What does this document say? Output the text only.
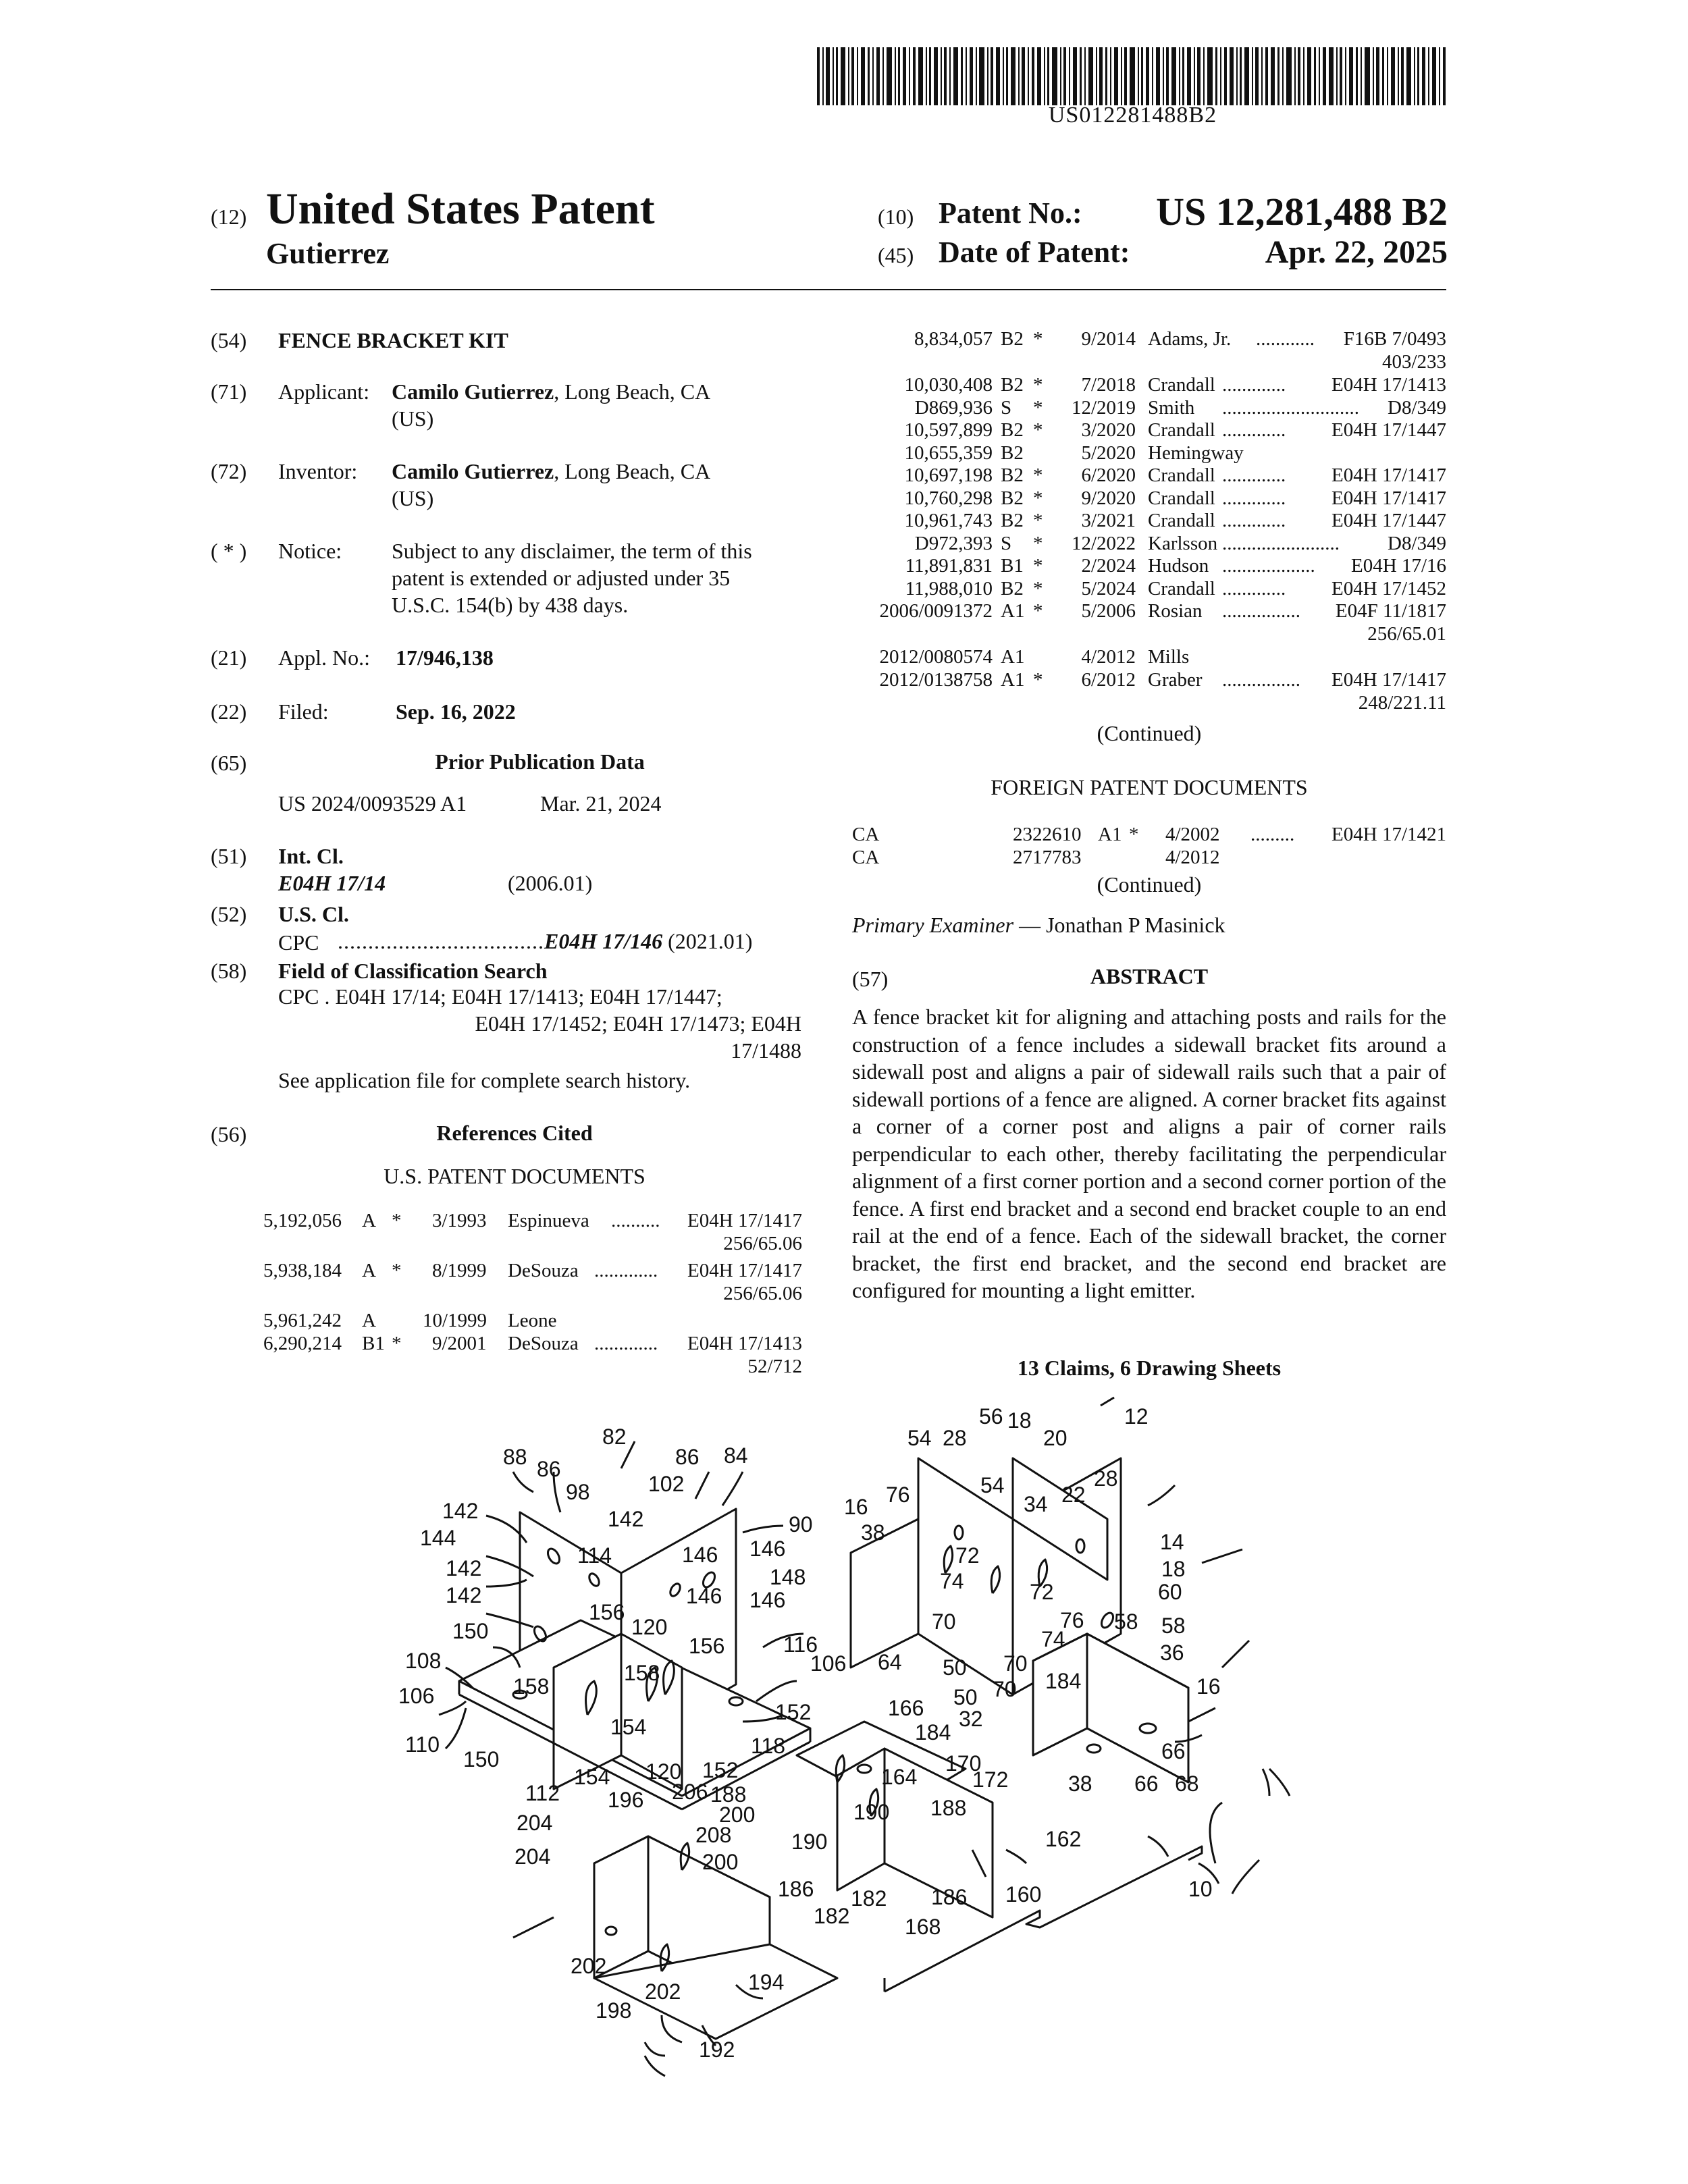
US012281488B2
(12) United States Patent
Gutierrez
(10) Patent No.: US 12,281,488 B2
(45) Date of Patent:	Apr. 22, 2025
(54) FENCE BRACKET KIT
(71) Applicant: Camilo Gutierrez, Long Beach, CA
(US)
(72) Inventor: Camilo Gutierrez, Long Beach, CA
(US)
( * ) Notice: Subject to any disclaimer, the term of this
patent is extended or adjusted under 35
U.S.C. 154(b) by 438 days.
(21) Appl. No.: 17/946,138
(22) Filed:	Sep. 16, 2022
(65)	Prior Publication Data
US 2024/0093529 A1	Mar. 21, 2024
(51) Int. Cl.
E04H 17/14	(2006.01)
(52) U.S. Cl.
CPC .................................. E04H 17/146 (2021.01)
(58) Field of Classification Search
CPC . E04H 17/14; E04H 17/1413; E04H 17/1447;
E04H 17/1452; E04H 17/1473; E04H
17/1488
See application file for complete search history.
(56)	References Cited
U.S. PATENT DOCUMENTS
5,192,056 A * 3/1993 Espinueva .......... E04H 17/1417
256/65.06
5,938,184 A * 8/1999 DeSouza ............. E04H 17/1417
256/65.06
5,961,242 A 10/1999 Leone
6,290,214 B1 * 9/2001 DeSouza ............. E04H 17/1413
52/712
8,834,057 B2 * 9/2014 Adams, Jr. ............ F16B 7/0493
403/233
10,030,408 B2 * 7/2018 Crandall ............. E04H 17/1413
D869,936 S * 12/2019 Smith ............................ D8/349
10,597,899 B2 * 3/2020 Crandall ............. E04H 17/1447
10,655,359 B2	5/2020 Hemingway
10,697,198 B2 * 6/2020 Crandall ............. E04H 17/1417
10,760,298 B2 * 9/2020 Crandall ............. E04H 17/1417
10,961,743 B2 * 3/2021 Crandall ............. E04H 17/1447
D972,393 S * 12/2022 Karlsson ........................ D8/349
11,891,831 B1 * 2/2024 Hudson ................... E04H 17/16
11,988,010 B2 * 5/2024 Crandall ............. E04H 17/1452
2006/0091372 A1 * 5/2006 Rosian ................ E04F 11/1817
256/65.01
2012/0080574 A1	4/2012 Mills
2012/0138758 A1 * 6/2012 Graber ................ E04H 17/1417
248/221.11
(Continued)
FOREIGN PATENT DOCUMENTS
CA	2322610 A1 * 4/2002 ......... E04H 17/1421
CA	2717783	4/2012
(Continued)
Primary Examiner — Jonathan P Masinick
(57)	ABSTRACT
A fence bracket kit for aligning and attaching posts and rails for the construction of a fence includes a sidewall bracket fits around a sidewall post and aligns a pair of sidewall rails such that a pair of sidewall portions of a fence are aligned. A corner bracket fits against a corner of a corner post and aligns a pair of corner rails perpendicular to each other, thereby facilitating the perpendicular alignment of a first corner portion and a second corner portion of the fence. A first end bracket and a second end bracket couple to an end rail at the end of a fence. Each of the sidewall bracket, the corner bracket, the first end bracket, and the second end bracket are configured for mounting a light emitter.
13 Claims, 6 Drawing Sheets
82
88 86
98
86 84
102
142
90
144
142
114	146 146
142	148
142	146 146
156
120
150
156	116
108
158
158
106
106
152
110
150
154
118
154 120 152
112 196 206 188
204	200
208
204	200
202
198
202	194
192
56 18	12
54 28	20
16 76	54
34 22
28
38
72
14
74	18
72	60
70	76 58 58
70
74
36
64 50
70 184
50	16
166 32
184
66
170
164	172	38 66 68
188
190
190	162
186
182
186
182	160
168
10
